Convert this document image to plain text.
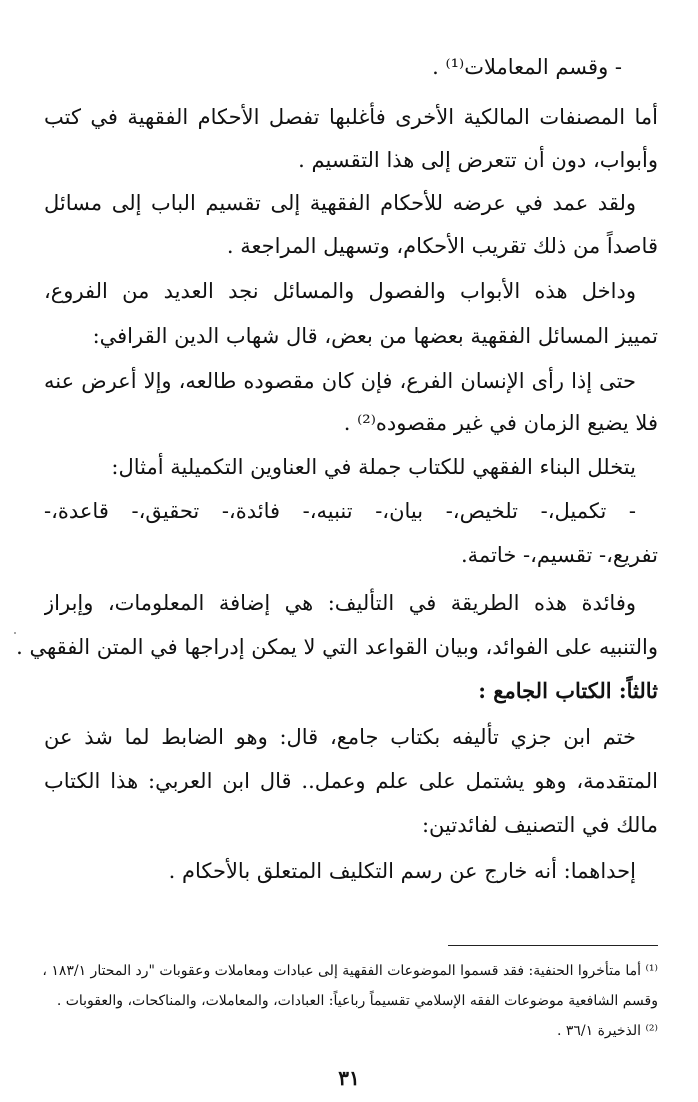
- وقسم المعاملات⁽¹⁾ .
أما المصنفات المالكية الأخرى فأغلبها تفصل الأحكام الفقهية في كتب
وأبواب، دون أن تتعرض إلى هذا التقسيم .
ولقد عمد في عرضه للأحكام الفقهية إلى تقسيم الباب إلى مسائل
قاصداً من ذلك تقريب الأحكام، وتسهيل المراجعة .
وداخل هذه الأبواب والفصول والمسائل نجد العديد من الفروع،
تمييز المسائل الفقهية بعضها من بعض، قال شهاب الدين القرافي:
حتى إذا رأى الإنسان الفرع، فإن كان مقصوده طالعه، وإلا أعرض عنه
فلا يضيع الزمان في غير مقصوده⁽²⁾ .
يتخلل البناء الفقهي للكتاب جملة في العناوين التكميلية أمثال:
- تكميل،- تلخيص،- بيان،- تنبيه،- فائدة،- تحقيق،- قاعدة،-
تفريع،- تقسيم،- خاتمة.
وفائدة هذه الطريقة في التأليف: هي إضافة المعلومات، وإبراز
والتنبيه على الفوائد، وبيان القواعد التي لا يمكن إدراجها في المتن الفقهي .
ثالثاً: الكتاب الجامع :
ختم ابن جزي تأليفه بكتاب جامع، قال: وهو الضابط لما شذ عن
المتقدمة، وهو يشتمل على علم وعمل.. قال ابن العربي: هذا الكتاب
مالك في التصنيف لفائدتين:
إحداهما: أنه خارج عن رسم التكليف المتعلق بالأحكام .
⁽¹⁾ أما متأخروا الحنفية: فقد قسموا الموضوعات الفقهية إلى عبادات ومعاملات وعقوبات "رد المحتار ١٨٣/١ ،
وقسم الشافعية موضوعات الفقه الإسلامي تقسيماً رباعياً: العبادات، والمعاملات، والمناكحات، والعقوبات .
⁽²⁾ الذخيرة ٣٦/١ .
٣١
